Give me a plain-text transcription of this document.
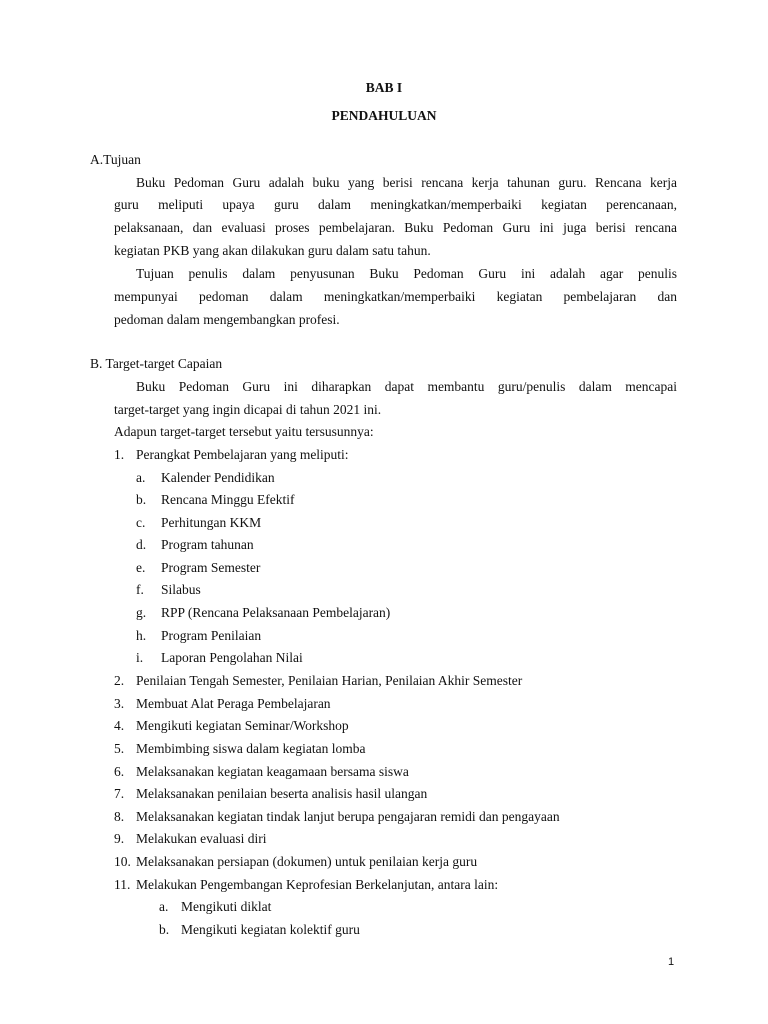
BAB I
PENDAHULUAN
A.Tujuan
Buku Pedoman Guru adalah buku yang berisi rencana kerja tahunan guru. Rencana kerja
guru meliputi upaya guru dalam meningkatkan/memperbaiki kegiatan perencanaan,
pelaksanaan, dan evaluasi proses pembelajaran. Buku Pedoman Guru ini juga berisi rencana
kegiatan PKB yang akan dilakukan guru dalam satu tahun.
Tujuan penulis dalam penyusunan Buku Pedoman Guru ini adalah agar penulis
mempunyai pedoman dalam meningkatkan/memperbaiki kegiatan pembelajaran dan
pedoman dalam mengembangkan profesi.
B. Target-target Capaian
Buku Pedoman Guru ini diharapkan dapat membantu guru/penulis dalam mencapai
target-target yang ingin dicapai di tahun 2021 ini.
Adapun target-target tersebut yaitu tersusunnya:
1. Perangkat Pembelajaran yang meliputi:
a. Kalender Pendidikan
b. Rencana Minggu Efektif
c. Perhitungan KKM
d. Program tahunan
e. Program Semester
f. Silabus
g. RPP (Rencana Pelaksanaan Pembelajaran)
h. Program Penilaian
i. Laporan Pengolahan Nilai
2. Penilaian Tengah Semester, Penilaian Harian, Penilaian Akhir Semester
3. Membuat Alat Peraga Pembelajaran
4. Mengikuti kegiatan Seminar/Workshop
5. Membimbing siswa dalam kegiatan lomba
6. Melaksanakan kegiatan keagamaan bersama siswa
7. Melaksanakan penilaian beserta analisis hasil ulangan
8. Melaksanakan kegiatan tindak lanjut berupa pengajaran remidi dan pengayaan
9. Melakukan evaluasi diri
10. Melaksanakan persiapan (dokumen) untuk penilaian kerja guru
11. Melakukan Pengembangan Keprofesian Berkelanjutan, antara lain:
a. Mengikuti diklat
b. Mengikuti kegiatan kolektif guru
1
